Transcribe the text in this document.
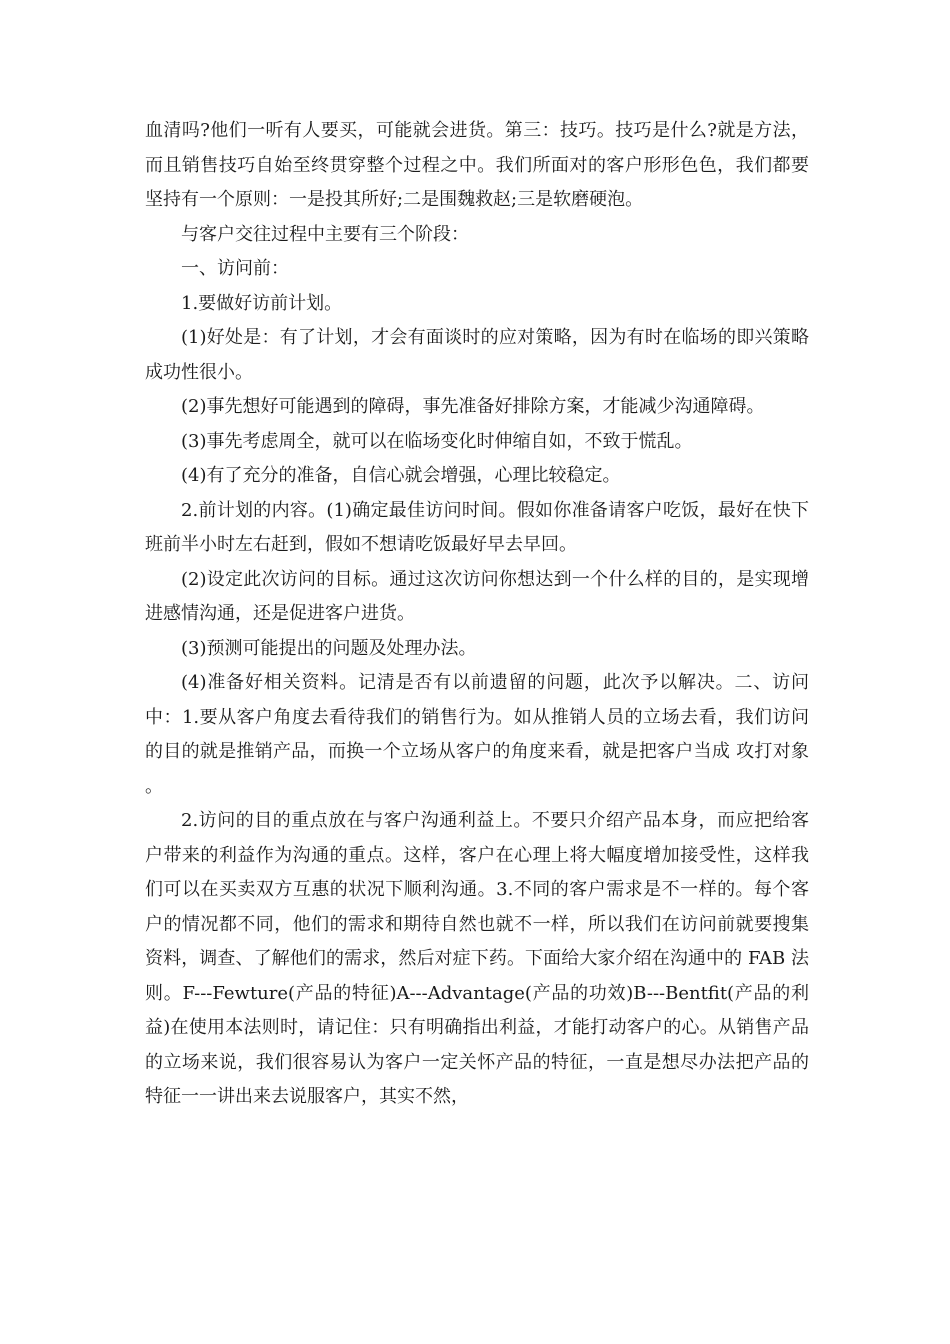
血清吗?他们一听有人要买，可能就会进货。第三：技巧。技巧是什么?就是方法，而且销售技巧自始至终贯穿整个过程之中。我们所面对的客户形形色色，我们都要坚持有一个原则：一是投其所好;二是围魏救赵;三是软磨硬泡。

与客户交往过程中主要有三个阶段：

一、访问前：

1.要做好访前计划。

(1)好处是：有了计划，才会有面谈时的应对策略，因为有时在临场的即兴策略成功性很小。

(2)事先想好可能遇到的障碍，事先准备好排除方案，才能减少沟通障碍。

(3)事先考虑周全，就可以在临场变化时伸缩自如，不致于慌乱。

(4)有了充分的准备，自信心就会增强，心理比较稳定。

2.前计划的内容。(1)确定最佳访问时间。假如你准备请客户吃饭，最好在快下班前半小时左右赶到，假如不想请吃饭最好早去早回。

(2)设定此次访问的目标。通过这次访问你想达到一个什么样的目的，是实现增进感情沟通，还是促进客户进货。

(3)预测可能提出的问题及处理办法。

(4)准备好相关资料。记清是否有以前遗留的问题，此次予以解决。二、访问中：1.要从客户角度去看待我们的销售行为。如从推销人员的立场去看，我们访问的目的就是推销产品，而换一个立场从客户的角度来看，就是把客户当成 攻打对象 。

2.访问的目的重点放在与客户沟通利益上。不要只介绍产品本身，而应把给客户带来的利益作为沟通的重点。这样，客户在心理上将大幅度增加接受性，这样我们可以在买卖双方互惠的状况下顺利沟通。3.不同的客户需求是不一样的。每个客户的情况都不同，他们的需求和期待自然也就不一样，所以我们在访问前就要搜集资料，调查、了解他们的需求，然后对症下药。下面给大家介绍在沟通中的 FAB 法则。F---Fewture(产品的特征)A---Advantage(产品的功效)B---Bentfit(产品的利益)在使用本法则时，请记住：只有明确指出利益，才能打动客户的心。从销售产品的立场来说，我们很容易认为客户一定关怀产品的特征，一直是想尽办法把产品的特征一一讲出来去说服客户，其实不然，
